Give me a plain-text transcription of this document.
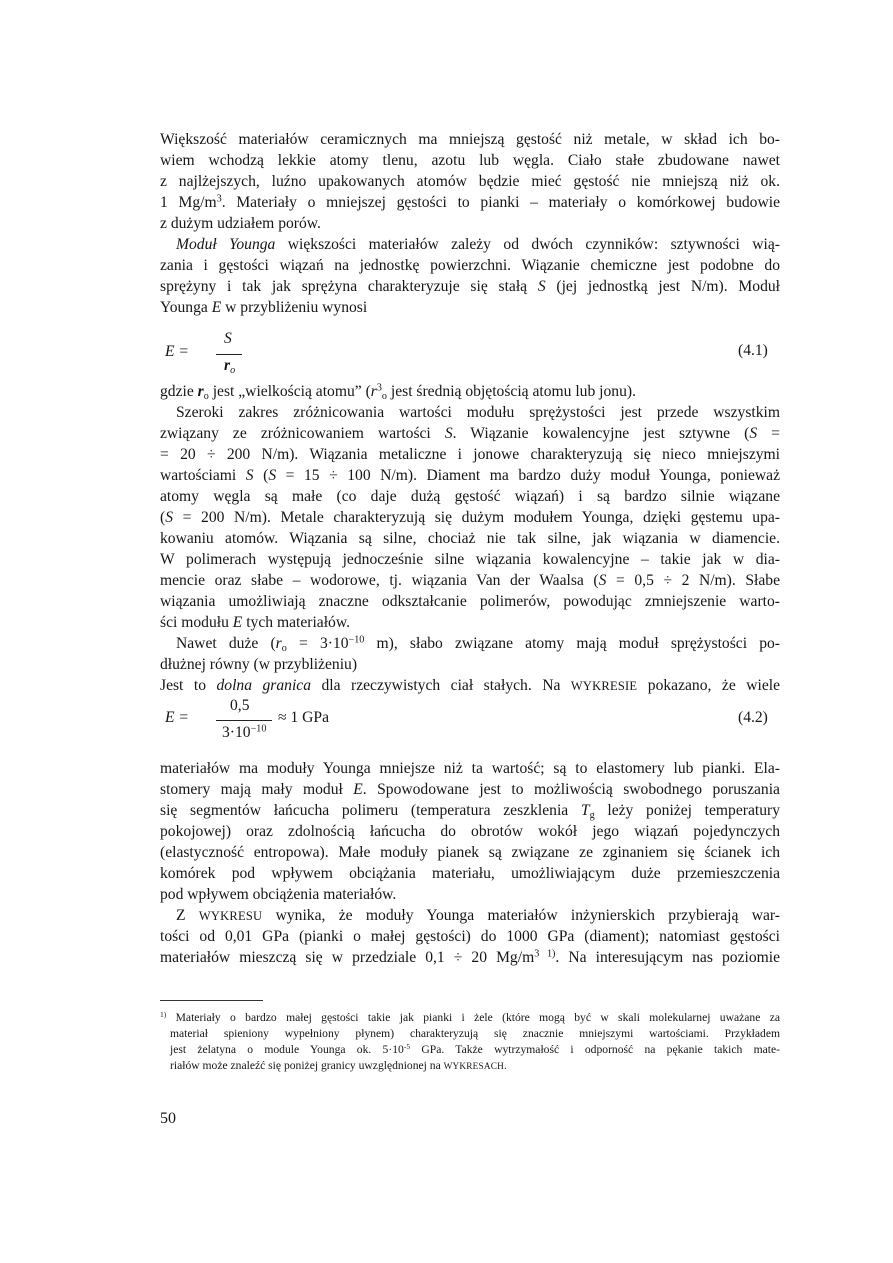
Większość materiałów ceramicznych ma mniejszą gęstość niż metale, w skład ich bo-
wiem wchodzą lekkie atomy tlenu, azotu lub węgla. Ciało stałe zbudowane nawet
z najlżejszych, luźno upakowanych atomów będzie mieć gęstość nie mniejszą niż ok.
1 $Mg/m^3$. Materiały o mniejszej gęstości to pianki – materiały o komórkowej budowie
z dużym udziałem porów.
Moduł Younga większości materiałów zależy od dwóch czynników: sztywności wią-
zania i gęstości wiązań na jednostkę powierzchni. Wiązanie chemiczne jest podobne do
sprężyny i tak jak sprężyna charakteryzuje się stałą S (jej jednostką jest N/m). Moduł
Younga E w przybliżeniu wynosi
gdzie $r_o$ jest „wielkością atomu” ($r^3_o$ jest średnią objętością atomu lub jonu).
Szeroki zakres zróżnicowania wartości modułu sprężystości jest przede wszystkim
związany ze zróżnicowaniem wartości S. Wiązanie kowalencyjne jest sztywne (S =
= 20 ÷ 200 N/m). Wiązania metaliczne i jonowe charakteryzują się nieco mniejszymi
wartościami S (S = 15 ÷ 100 N/m). Diament ma bardzo duży moduł Younga, ponieważ
atomy węgla są małe (co daje dużą gęstość wiązań) i są bardzo silnie wiązane
(S = 200 N/m). Metale charakteryzują się dużym modułem Younga, dzięki gęstemu upa-
kowaniu atomów. Wiązania są silne, chociaż nie tak silne, jak wiązania w diamencie.
W polimerach występują jednocześnie silne wiązania kowalencyjne – takie jak w dia-
mencie oraz słabe – wodorowe, tj. wiązania Van der Waalsa (S = 0,5 ÷ 2 N/m). Słabe
wiązania umożliwiają znaczne odkształcanie polimerów, powodując zmniejszenie warto-
ści modułu E tych materiałów.
Nawet duże ($r_o = 3\cdot 10^{-10}$ m), słabo związane atomy mają moduł sprężystości po-
dłużnej równy (w przybliżeniu)
Jest to dolna granica dla rzeczywistych ciał stałych. Na WYKRESIE pokazano, że wiele
materiałów ma moduły Younga mniejsze niż ta wartość; są to elastomery lub pianki. Ela-
stomery mają mały moduł E. Spowodowane jest to możliwością swobodnego poruszania
się segmentów łańcucha polimeru (temperatura zeszklenia $T_g$ leży poniżej temperatury
pokojowej) oraz zdolnością łańcucha do obrotów wokół jego wiązań pojedynczych
(elastyczność entropowa). Małe moduły pianek są związane ze zginaniem się ścianek ich
komórek pod wpływem obciążania materiału, umożliwiającym duże przemieszczenia
pod wpływem obciążenia materiałów.
Z WYKRESU wynika, że moduły Younga materiałów inżynierskich przybierają war-
tości od 0,01 GPa (pianki o małej gęstości) do 1000 GPa (diament); natomiast gęstości
materiałów mieszczą się w przedziale 0,1 ÷ 20 $Mg/m^{3 1)}$. Na interesującym nas poziomie
E =
S
$r_o$
(4.1)
E =
0,5
$3\cdot 10^{-10}$
≈ 1 GPa	(4.2)
$^{1)}$ Materiały o bardzo małej gęstości takie jak pianki i żele (które mogą być w skali molekularnej uważane za
materiał spieniony wypełniony płynem) charakteryzują się znacznie mniejszymi wartościami. Przykładem
jest żelatyna o module Younga ok. $5\cdot 10^{-5}$ GPa. Także wytrzymałość i odporność na pękanie takich mate-
riałów może znaleźć się poniżej granicy uwzględnionej na WYKRESACH.
50
